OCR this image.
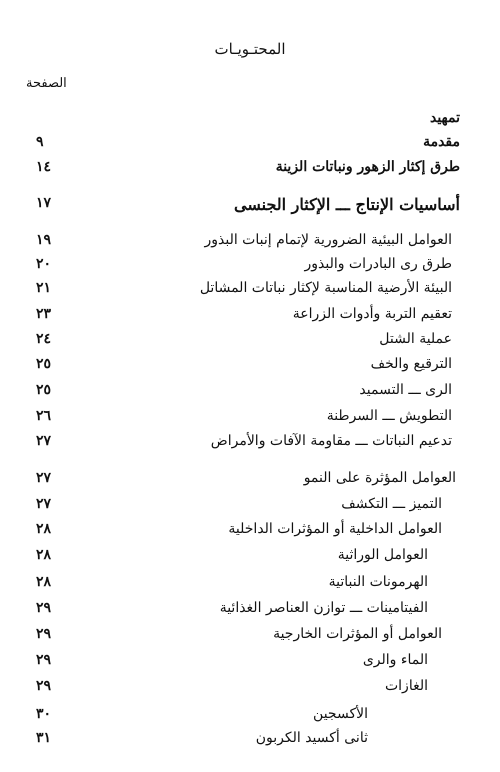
المحتـويـات
الصفحة
تمهيد
٩	مقدمة
١٤	طرق إكثار الزهور ونباتات الزينة
١٧	أساسيات الإنتاج ـــ الإكثار الجنسى
١٩	العوامل البيئية الضرورية لإتمام إنبات البذور
٢٠	طرق رى البادرات والبذور
٢١	البيئة الأرضية المناسبة لإكثار نباتات المشاتل
٢٣	تعقيم التربة وأدوات الزراعة
٢٤	عملية الشتل
٢٥	الترقيع والخف
٢٥	الرى ـــ التسميد
٢٦	التطويش ـــ السرطنة
٢٧	تدعيم النباتات ـــ مقاومة الآفات والأمراض
٢٧	العوامل المؤثرة على النمو
٢٧	التميز ـــ التكشف
٢٨	العوامل الداخلية أو المؤثرات الداخلية
٢٨	العوامل الوراثية
٢٨	الهرمونات النباتية
٢٩	الفيتامينات ـــ توازن العناصر الغذائية
٢٩	العوامل أو المؤثرات الخارجية
٢٩	الماء والرى
٢٩	الغازات
٣٠	الأكسجين
٣١	ثانى أكسيد الكربون
